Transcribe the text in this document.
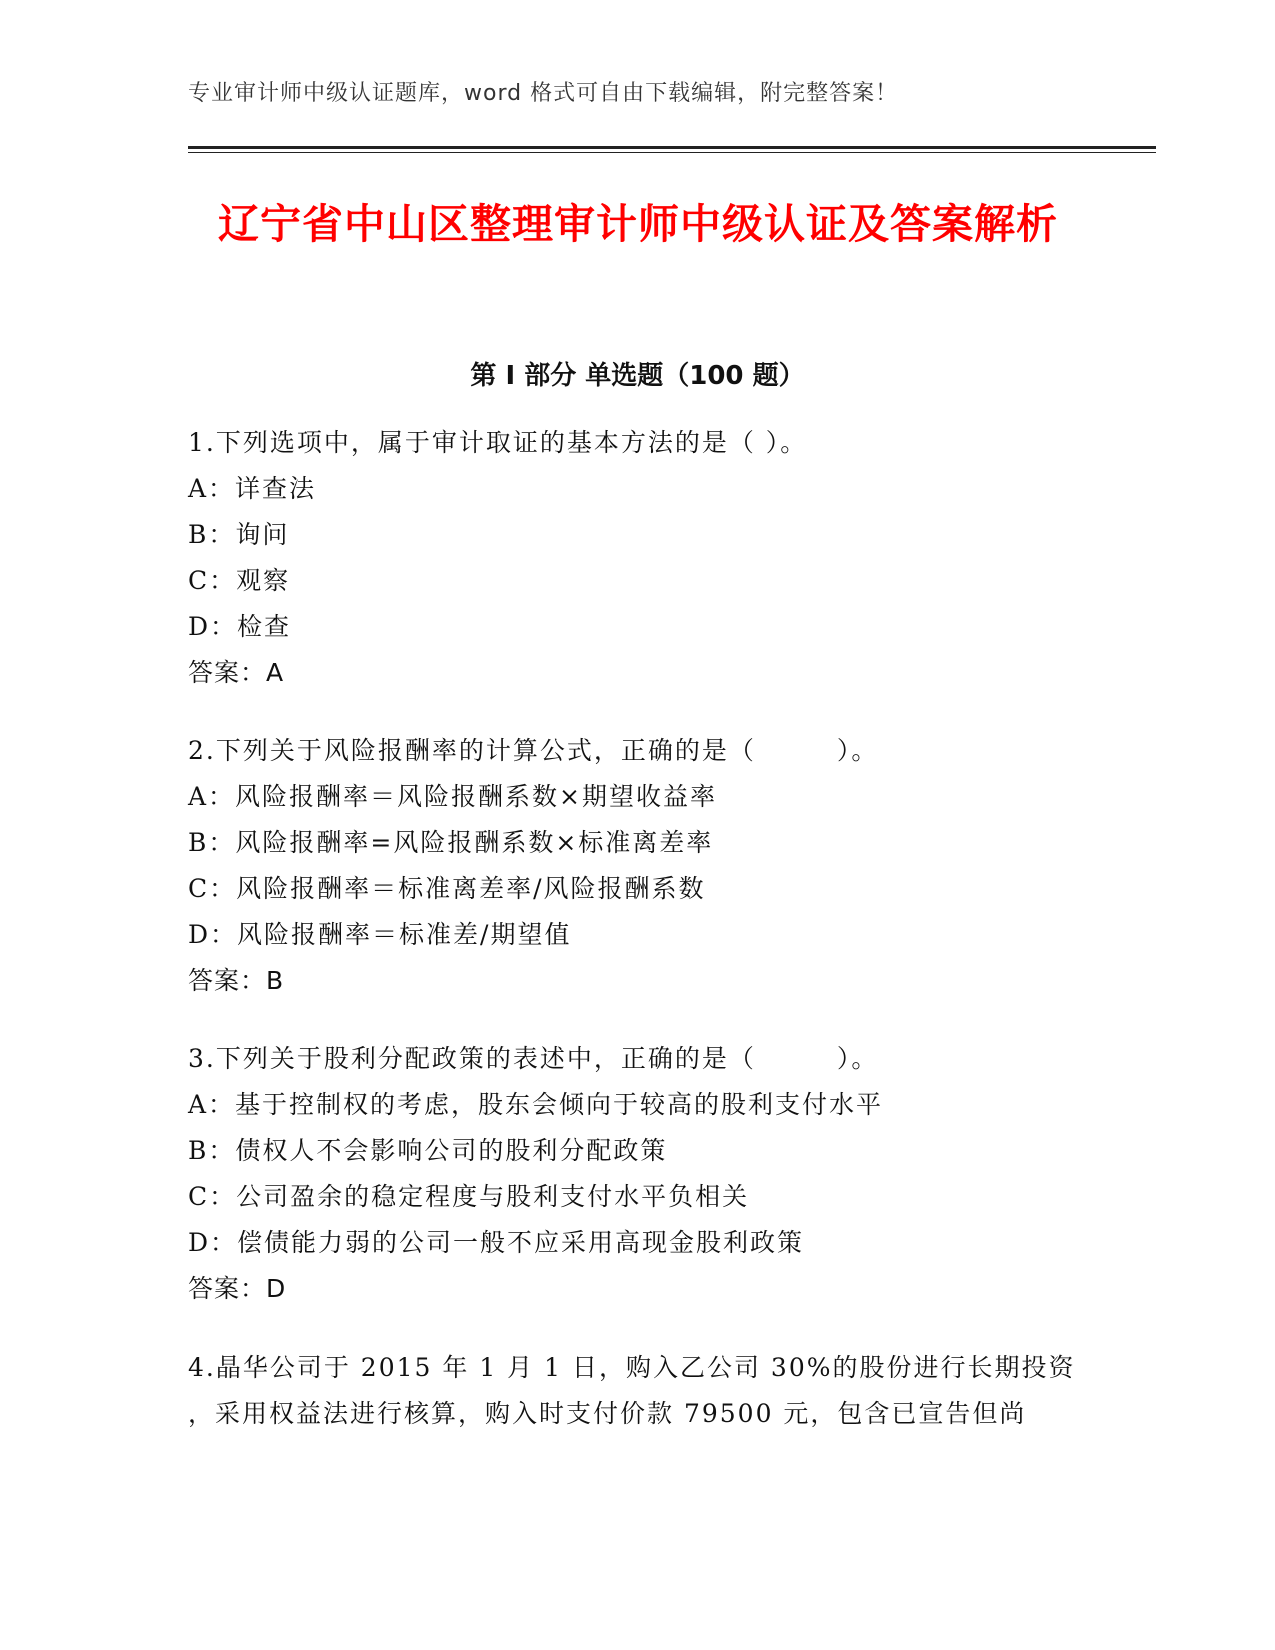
专业审计师中级认证题库，word 格式可自由下载编辑，附完整答案！
辽宁省中山区整理审计师中级认证及答案解析
第 I 部分 单选题（100 题）
1.下列选项中，属于审计取证的基本方法的是（ ）。
A：详查法
B：询问
C：观察
D：检查
答案：A
2.下列关于风险报酬率的计算公式，正确的是（　　　）。
A：风险报酬率＝风险报酬系数×期望收益率
B：风险报酬率=风险报酬系数×标准离差率
C：风险报酬率＝标准离差率/风险报酬系数
D：风险报酬率＝标准差/期望值
答案：B
3.下列关于股利分配政策的表述中，正确的是（　　　）。
A：基于控制权的考虑，股东会倾向于较高的股利支付水平
B：债权人不会影响公司的股利分配政策
C：公司盈余的稳定程度与股利支付水平负相关
D：偿债能力弱的公司一般不应采用高现金股利政策
答案：D
4.晶华公司于 2015 年 1 月 1 日，购入乙公司 30%的股份进行长期投资
，采用权益法进行核算，购入时支付价款 79500 元，包含已宣告但尚
